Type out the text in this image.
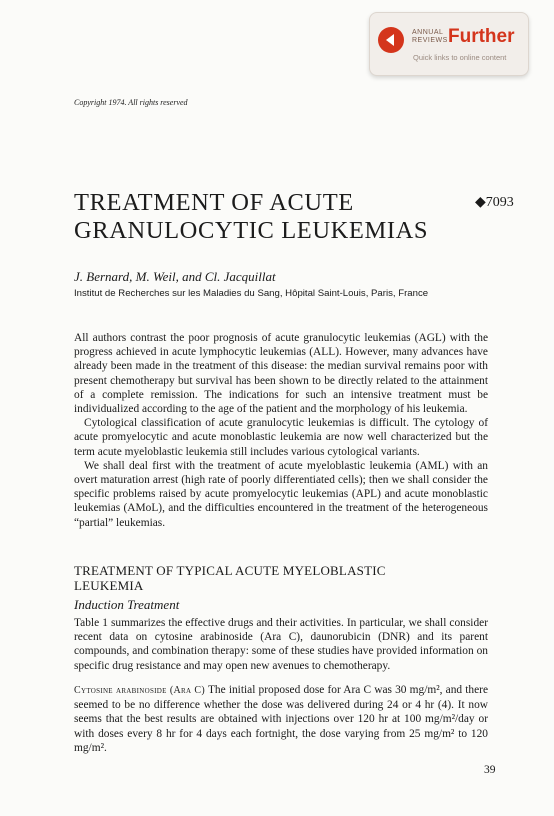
ANNUAL
REVIEWS Further
Quick links to online content
Copyright 1974. All rights reserved
TREATMENT OF ACUTE
GRANULOCYTIC LEUKEMIAS
◆7093
J. Bernard, M. Weil, and Cl. Jacquillat
Institut de Recherches sur les Maladies du Sang, Hôpital Saint-Louis, Paris, France

All authors contrast the poor prognosis of acute granulocytic leukemias (AGL) with the progress achieved in acute lymphocytic leukemias (ALL). However, many advances have already been made in the treatment of this disease: the median survival remains poor with present chemotherapy but survival has been shown to be directly related to the attainment of a complete remission. The indications for such an intensive treatment must be individualized according to the age of the patient and the morphology of his leukemia.

Cytological classification of acute granulocytic leukemias is difficult. The cytology of acute promyelocytic and acute monoblastic leukemia are now well characterized but the term acute myeloblastic leukemia still includes various cytological variants.

We shall deal first with the treatment of acute myeloblastic leukemia (AML) with an overt maturation arrest (high rate of poorly differentiated cells); then we shall consider the specific problems raised by acute promyelocytic leukemias (APL) and acute monoblastic leukemias (AMoL), and the difficulties encountered in the treatment of the heterogeneous “partial” leukemias.

TREATMENT OF TYPICAL ACUTE MYELOBLASTIC
LEUKEMIA
Induction Treatment

Table 1 summarizes the effective drugs and their activities. In particular, we shall consider recent data on cytosine arabinoside (Ara C), daunorubicin (DNR) and its parent compounds, and combination therapy: some of these studies have provided information on specific drug resistance and may open new avenues to chemotherapy.

Cytosine arabinoside (Ara C) The initial proposed dose for Ara C was 30 mg/m², and there seemed to be no difference whether the dose was delivered during 24 or 4 hr (4). It now seems that the best results are obtained with injections over 120 hr at 100 mg/m²/day or with doses every 8 hr for 4 days each fortnight, the dose varying from 25 mg/m² to 120 mg/m².

39
